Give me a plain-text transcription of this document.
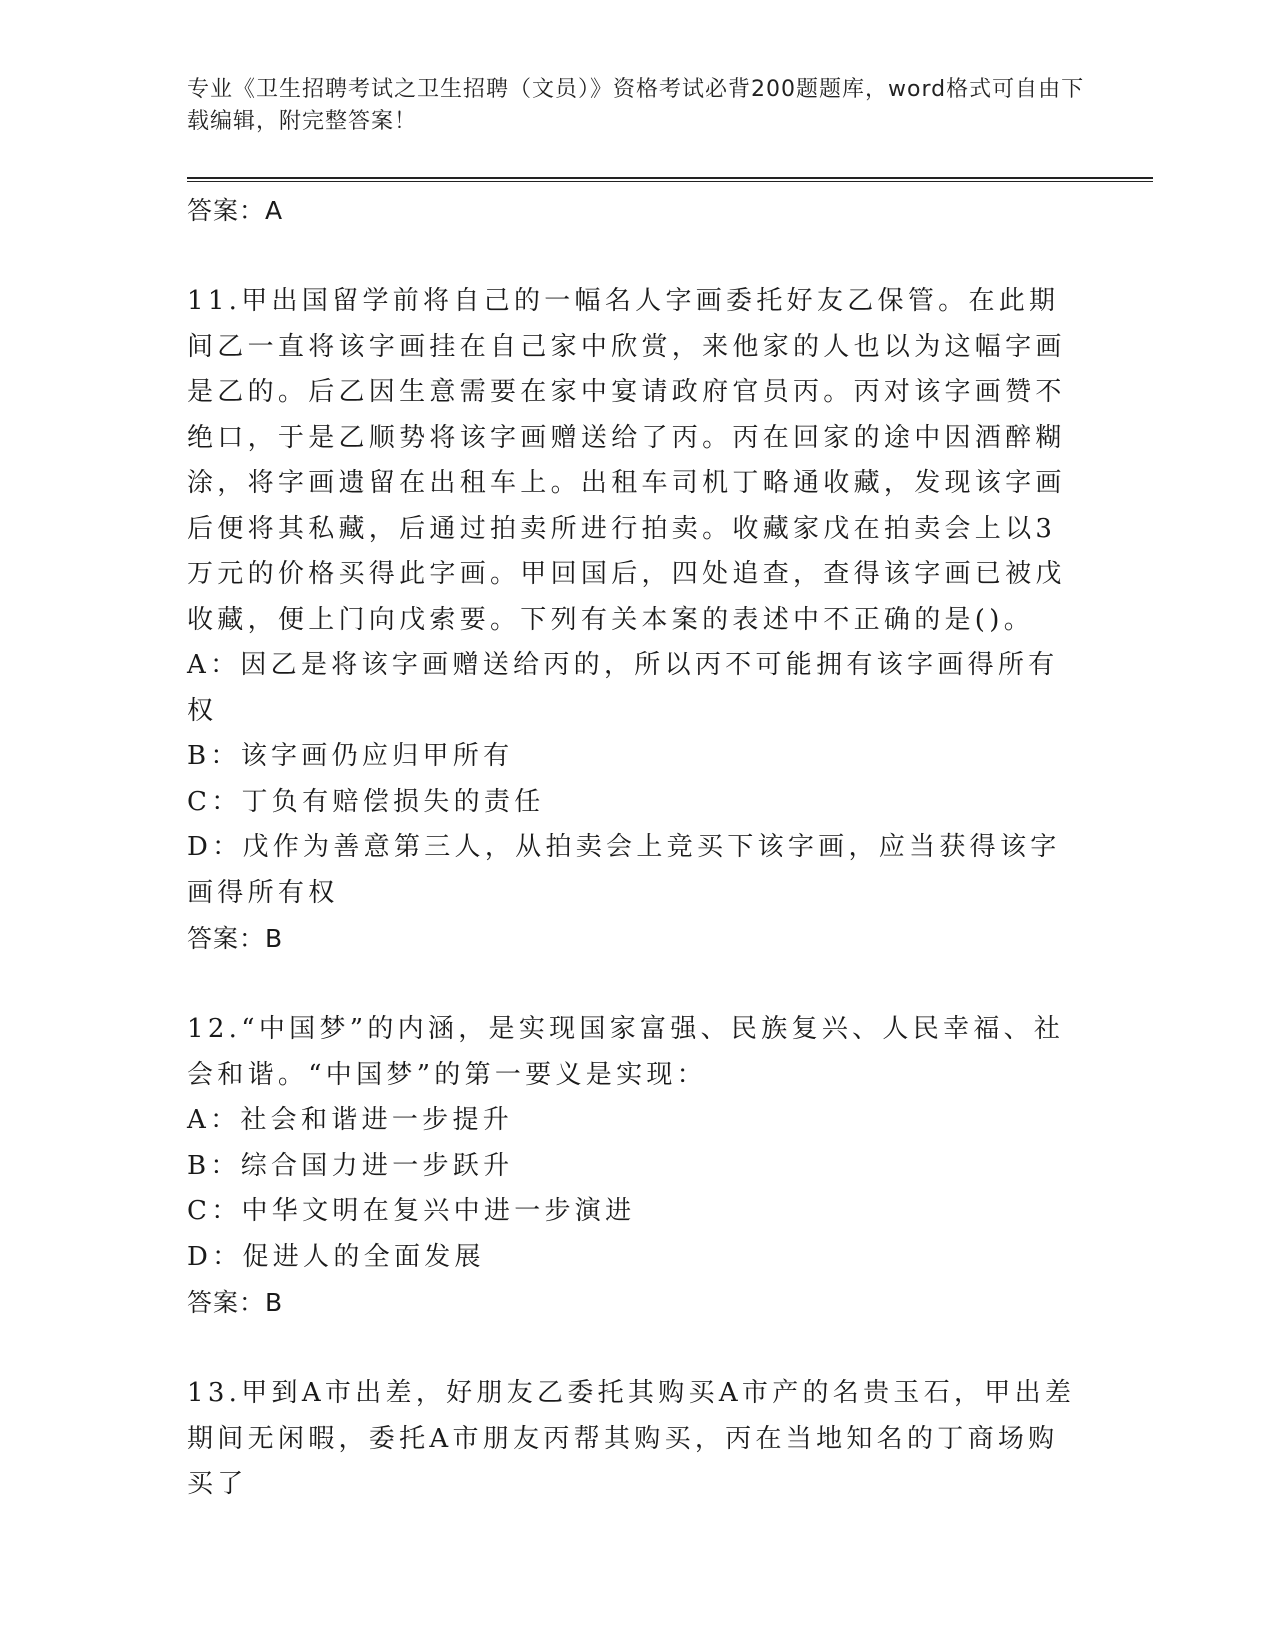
专业《卫生招聘考试之卫生招聘（文员）》资格考试必背200题题库，word格式可自由下载编辑，附完整答案！

答案：A

11.甲出国留学前将自己的一幅名人字画委托好友乙保管。在此期间乙一直将该字画挂在自己家中欣赏，来他家的人也以为这幅字画是乙的。后乙因生意需要在家中宴请政府官员丙。丙对该字画赞不绝口，于是乙顺势将该字画赠送给了丙。丙在回家的途中因酒醉糊涂，将字画遗留在出租车上。出租车司机丁略通收藏，发现该字画后便将其私藏，后通过拍卖所进行拍卖。收藏家戊在拍卖会上以3万元的价格买得此字画。甲回国后，四处追查，查得该字画已被戊收藏，便上门向戊索要。下列有关本案的表述中不正确的是()。

A：因乙是将该字画赠送给丙的，所以丙不可能拥有该字画得所有权

B：该字画仍应归甲所有

C：丁负有赔偿损失的责任

D：戊作为善意第三人，从拍卖会上竞买下该字画，应当获得该字画得所有权

答案：B

12.“中国梦”的内涵，是实现国家富强、民族复兴、人民幸福、社会和谐。“中国梦”的第一要义是实现：

A：社会和谐进一步提升

B：综合国力进一步跃升

C：中华文明在复兴中进一步演进

D：促进人的全面发展

答案：B

13.甲到A市出差，好朋友乙委托其购买A市产的名贵玉石，甲出差期间无闲暇，委托A市朋友丙帮其购买，丙在当地知名的丁商场购买了
